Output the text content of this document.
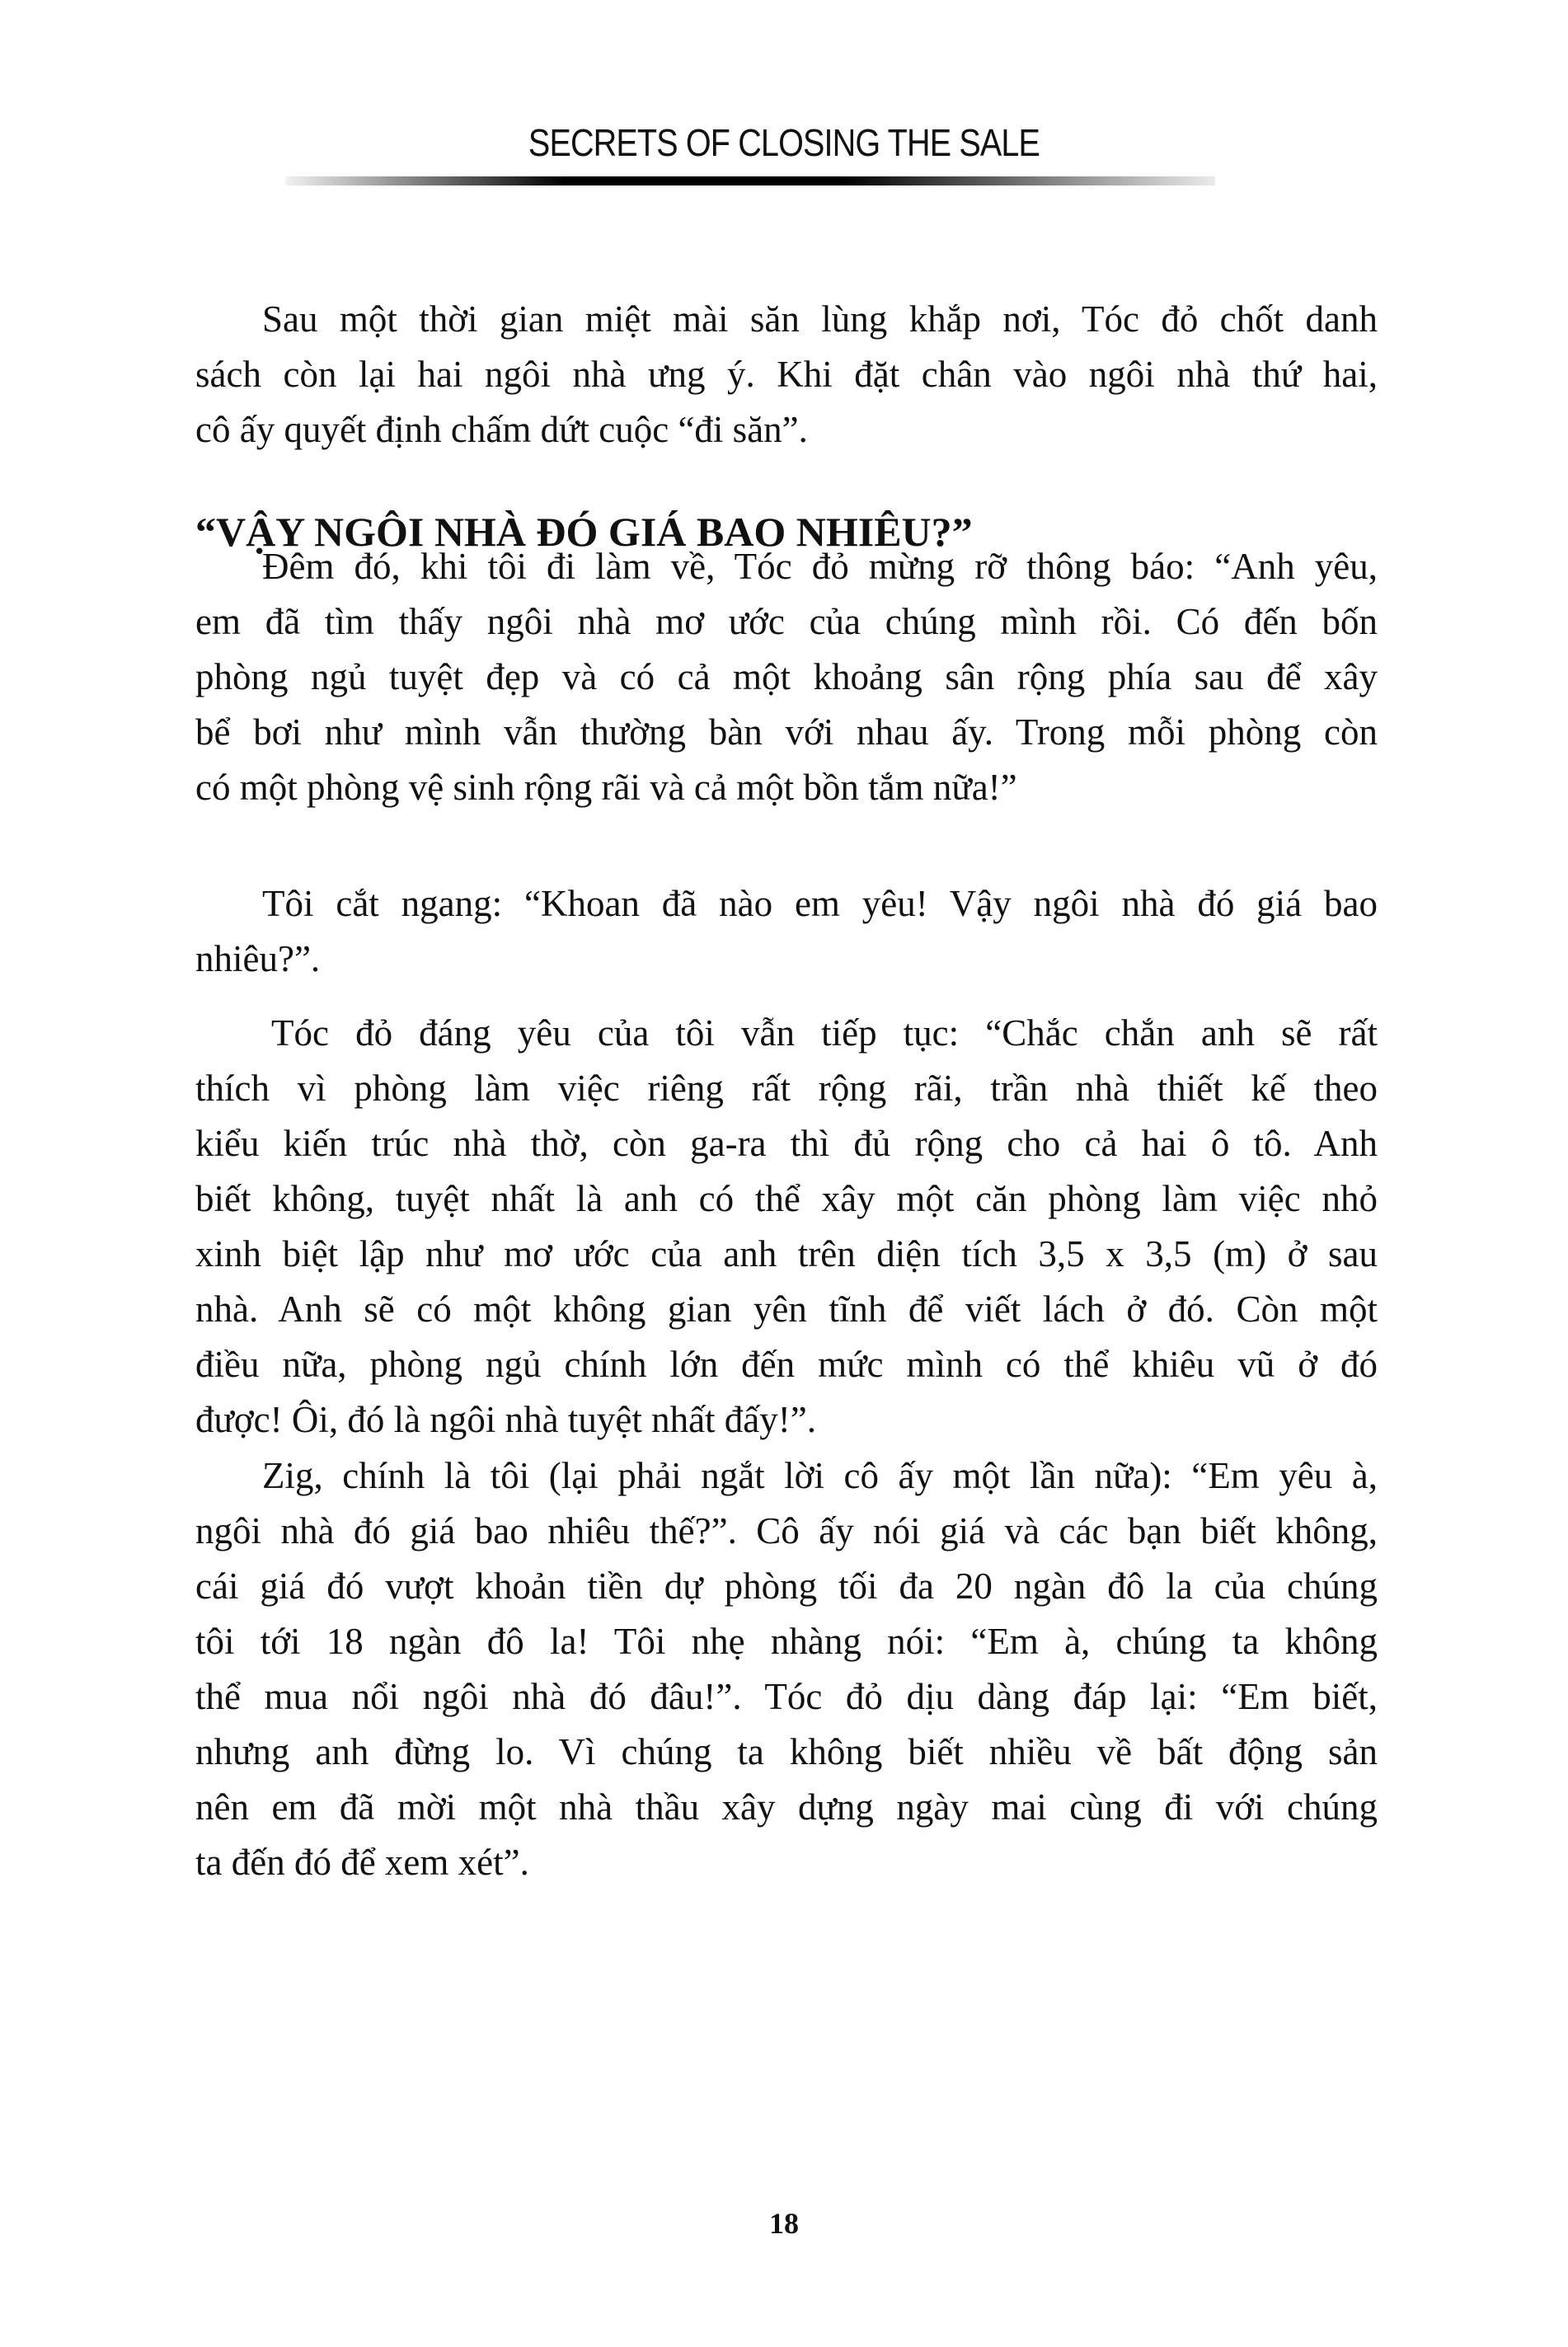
SECRETS OF CLOSING THE SALE
Sau một thời gian miệt mài săn lùng khắp nơi, Tóc đỏ chốt danh
sách còn lại hai ngôi nhà ưng ý. Khi đặt chân vào ngôi nhà thứ hai,
cô ấy quyết định chấm dứt cuộc “đi săn”.
“VẬY NGÔI NHÀ ĐÓ GIÁ BAO NHIÊU?”
Đêm đó, khi tôi đi làm về, Tóc đỏ mừng rỡ thông báo: “Anh yêu,
em đã tìm thấy ngôi nhà mơ ước của chúng mình rồi. Có đến bốn
phòng ngủ tuyệt đẹp và có cả một khoảng sân rộng phía sau để xây
bể bơi như mình vẫn thường bàn với nhau ấy. Trong mỗi phòng còn
có một phòng vệ sinh rộng rãi và cả một bồn tắm nữa!”
Tôi cắt ngang: “Khoan đã nào em yêu! Vậy ngôi nhà đó giá bao
nhiêu?”.
Tóc đỏ đáng yêu của tôi vẫn tiếp tục: “Chắc chắn anh sẽ rất
thích vì phòng làm việc riêng rất rộng rãi, trần nhà thiết kế theo
kiểu kiến trúc nhà thờ, còn ga-ra thì đủ rộng cho cả hai ô tô. Anh
biết không, tuyệt nhất là anh có thể xây một căn phòng làm việc nhỏ
xinh biệt lập như mơ ước của anh trên diện tích 3,5 x 3,5 (m) ở sau
nhà. Anh sẽ có một không gian yên tĩnh để viết lách ở đó. Còn một
điều nữa, phòng ngủ chính lớn đến mức mình có thể khiêu vũ ở đó
được! Ôi, đó là ngôi nhà tuyệt nhất đấy!”.
Zig, chính là tôi (lại phải ngắt lời cô ấy một lần nữa): “Em yêu à,
ngôi nhà đó giá bao nhiêu thế?”. Cô ấy nói giá và các bạn biết không,
cái giá đó vượt khoản tiền dự phòng tối đa 20 ngàn đô la của chúng
tôi tới 18 ngàn đô la! Tôi nhẹ nhàng nói: “Em à, chúng ta không
thể mua nổi ngôi nhà đó đâu!”. Tóc đỏ dịu dàng đáp lại: “Em biết,
nhưng anh đừng lo. Vì chúng ta không biết nhiều về bất động sản
nên em đã mời một nhà thầu xây dựng ngày mai cùng đi với chúng
ta đến đó để xem xét”.
18
